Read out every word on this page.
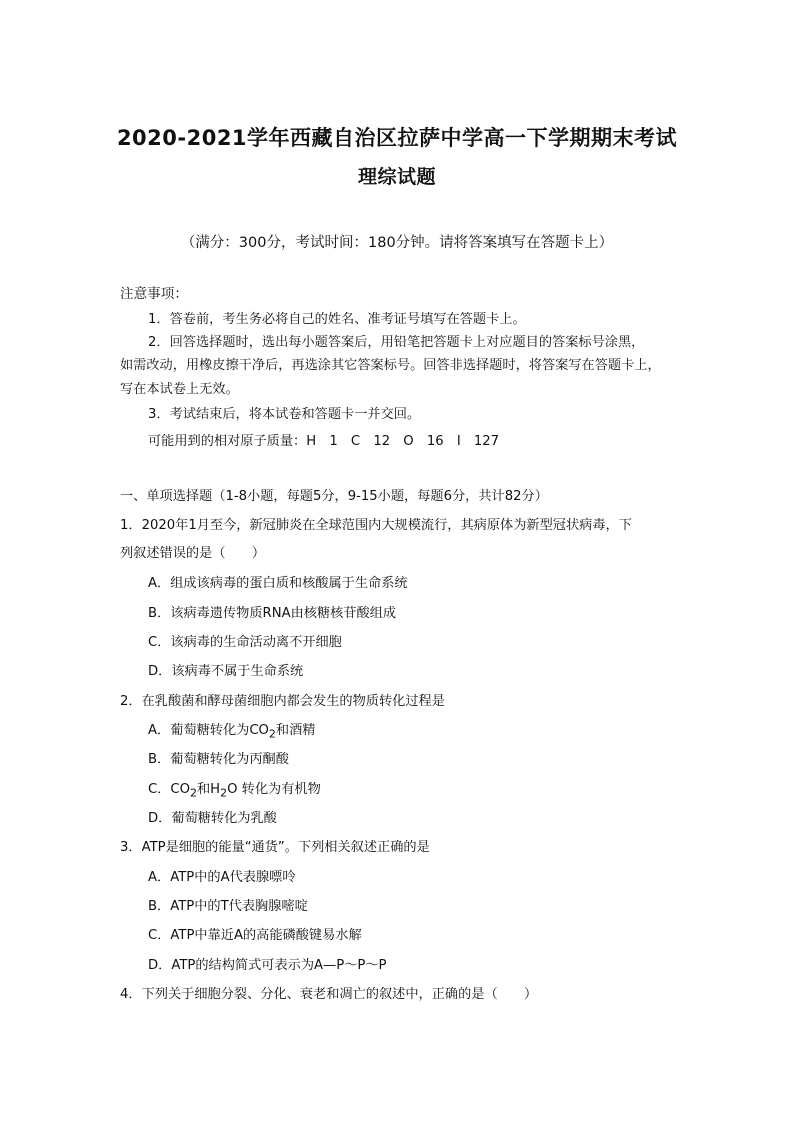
2020-2021学年西藏自治区拉萨中学高一下学期期末考试
理综试题
（满分：300分，考试时间：180分钟。请将答案填写在答题卡上）
注意事项：
1．答卷前，考生务必将自己的姓名、准考证号填写在答题卡上。
2．回答选择题时，选出每小题答案后，用铅笔把答题卡上对应题目的答案标号涂黑，
如需改动，用橡皮擦干净后，再选涂其它答案标号。回答非选择题时，将答案写在答题卡上，
写在本试卷上无效。
3．考试结束后，将本试卷和答题卡一并交回。
可能用到的相对原子质量：H　1　C　12　O　16　I　127
一、单项选择题（1-8小题，每题5分，9-15小题，每题6分，共计82分）
1．2020年1月至今，新冠肺炎在全球范围内大规模流行，其病原体为新型冠状病毒，下
列叙述错误的是（　　）
A．组成该病毒的蛋白质和核酸属于生命系统
B．该病毒遗传物质RNA由核糖核苷酸组成
C．该病毒的生命活动离不开细胞
D．该病毒不属于生命系统
2．在乳酸菌和酵母菌细胞内都会发生的物质转化过程是
A．葡萄糖转化为$CO_2$和酒精
B．葡萄糖转化为丙酮酸
C．$CO_2$和$H_2O$ 转化为有机物
D．葡萄糖转化为乳酸
3．ATP是细胞的能量“通货”。下列相关叙述正确的是
A．ATP中的A代表腺嘌呤
B．ATP中的T代表胸腺嘧啶
C．ATP中靠近A的高能磷酸键易水解
D．ATP的结构简式可表示为A—P～P～P
4．下列关于细胞分裂、分化、衰老和凋亡的叙述中，正确的是（　　）
